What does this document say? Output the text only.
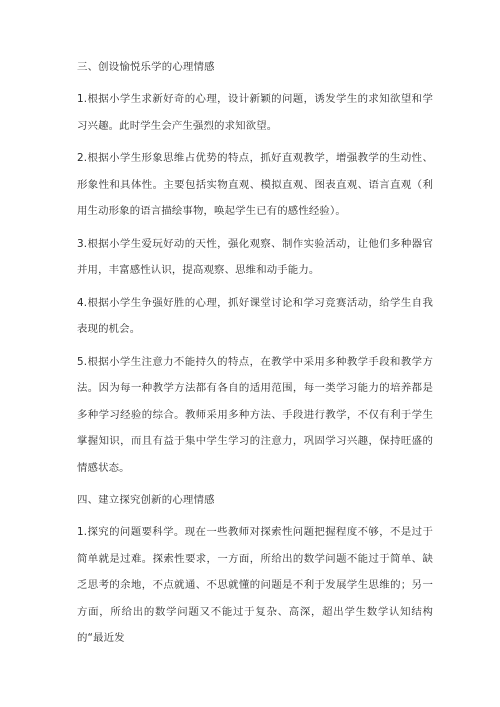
三、创设愉悦乐学的心理情感

1.根据小学生求新好奇的心理，设计新颖的问题，诱发学生的求知欲望和学习兴趣。此时学生会产生强烈的求知欲望。

2.根据小学生形象思维占优势的特点，抓好直观教学，增强教学的生动性、形象性和具体性。主要包括实物直观、模拟直观、图表直观、语言直观（利用生动形象的语言描绘事物，唤起学生已有的感性经验）。

3.根据小学生爱玩好动的天性，强化观察、制作实验活动，让他们多种器官并用，丰富感性认识，提高观察、思维和动手能力。

4.根据小学生争强好胜的心理，抓好课堂讨论和学习竞赛活动，给学生自我表现的机会。

5.根据小学生注意力不能持久的特点，在教学中采用多种教学手段和教学方法。因为每一种教学方法都有各自的适用范围，每一类学习能力的培养都是多种学习经验的综合。教师采用多种方法、手段进行教学，不仅有利于学生掌握知识，而且有益于集中学生学习的注意力，巩固学习兴趣，保持旺盛的情感状态。

四、建立探究创新的心理情感

1.探究的问题要科学。现在一些教师对探索性问题把握程度不够，不是过于简单就是过难。探索性要求，一方面，所给出的数学问题不能过于简单、缺乏思考的余地，不点就通、不思就懂的问题是不利于发展学生思维的；另一方面，所给出的数学问题又不能过于复杂、高深，超出学生数学认知结构的“最近发
